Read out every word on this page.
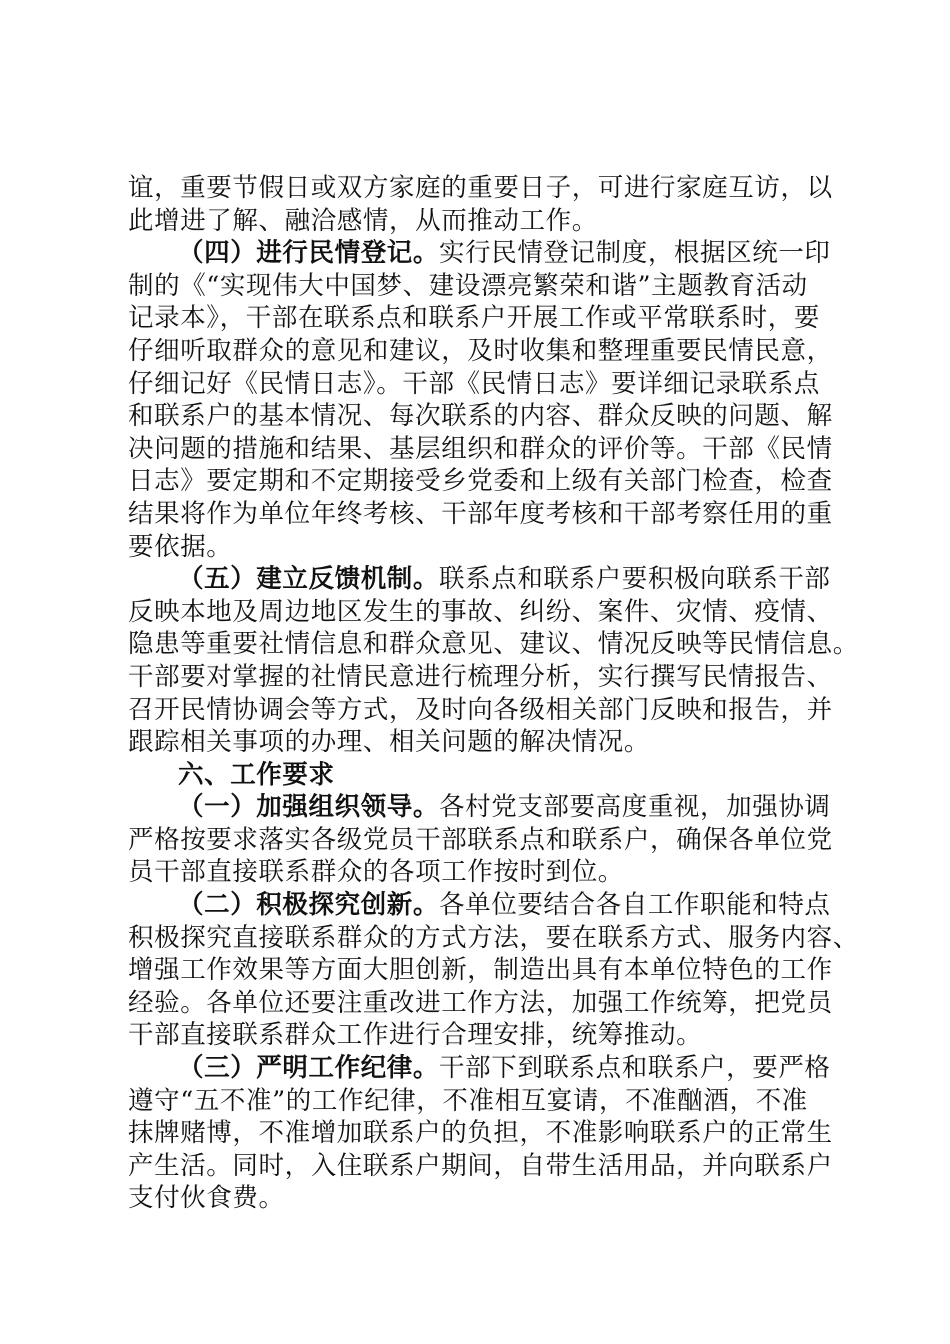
谊，重要节假日或双方家庭的重要日子，可进行家庭互访，以
此增进了解、融洽感情，从而推动工作。
（四）进行民情登记。实行民情登记制度，根据区统一印
制的《“实现伟大中国梦、建设漂亮繁荣和谐”主题教育活动
记录本》，干部在联系点和联系户开展工作或平常联系时，要
仔细听取群众的意见和建议，及时收集和整理重要民情民意，
仔细记好《民情日志》。干部《民情日志》要详细记录联系点
和联系户的基本情况、每次联系的内容、群众反映的问题、解
决问题的措施和结果、基层组织和群众的评价等。干部《民情
日志》要定期和不定期接受乡党委和上级有关部门检查，检查
结果将作为单位年终考核、干部年度考核和干部考察任用的重
要依据。
（五）建立反馈机制。联系点和联系户要积极向联系干部
反映本地及周边地区发生的事故、纠纷、案件、灾情、疫情、
隐患等重要社情信息和群众意见、建议、情况反映等民情信息。
干部要对掌握的社情民意进行梳理分析，实行撰写民情报告、
召开民情协调会等方式，及时向各级相关部门反映和报告，并
跟踪相关事项的办理、相关问题的解决情况。
六、工作要求
（一）加强组织领导。各村党支部要高度重视，加强协调
严格按要求落实各级党员干部联系点和联系户，确保各单位党
员干部直接联系群众的各项工作按时到位。
（二）积极探究创新。各单位要结合各自工作职能和特点
积极探究直接联系群众的方式方法，要在联系方式、服务内容、
增强工作效果等方面大胆创新，制造出具有本单位特色的工作
经验。各单位还要注重改进工作方法，加强工作统筹，把党员
干部直接联系群众工作进行合理安排，统筹推动。
（三）严明工作纪律。干部下到联系点和联系户，要严格
遵守“五不准”的工作纪律，不准相互宴请，不准酗酒，不准
抹牌赌博，不准增加联系户的负担，不准影响联系户的正常生
产生活。同时，入住联系户期间，自带生活用品，并向联系户
支付伙食费。
